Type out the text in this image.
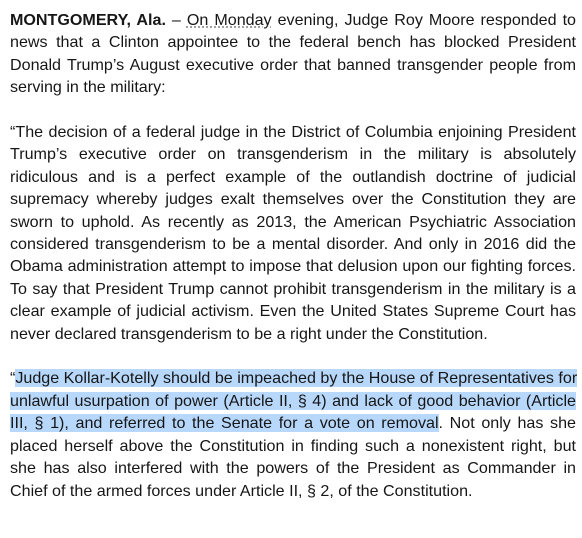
MONTGOMERY, Ala. – On Monday evening, Judge Roy Moore responded to
news that a Clinton appointee to the federal bench has blocked President
Donald Trump’s August executive order that banned transgender people from
serving in the military:
“The decision of a federal judge in the District of Columbia enjoining President
Trump’s executive order on transgenderism in the military is absolutely
ridiculous and is a perfect example of the outlandish doctrine of judicial
supremacy whereby judges exalt themselves over the Constitution they are
sworn to uphold. As recently as 2013, the American Psychiatric Association
considered transgenderism to be a mental disorder. And only in 2016 did the
Obama administration attempt to impose that delusion upon our fighting forces.
To say that President Trump cannot prohibit transgenderism in the military is a
clear example of judicial activism. Even the United States Supreme Court has
never declared transgenderism to be a right under the Constitution.
“Judge Kollar-Kotelly should be impeached by the House of Representatives for
unlawful usurpation of power (Article II, § 4) and lack of good behavior (Article
III, § 1), and referred to the Senate for a vote on removal. Not only has she
placed herself above the Constitution in finding such a nonexistent right, but
she has also interfered with the powers of the President as Commander in
Chief of the armed forces under Article II, § 2, of the Constitution.
